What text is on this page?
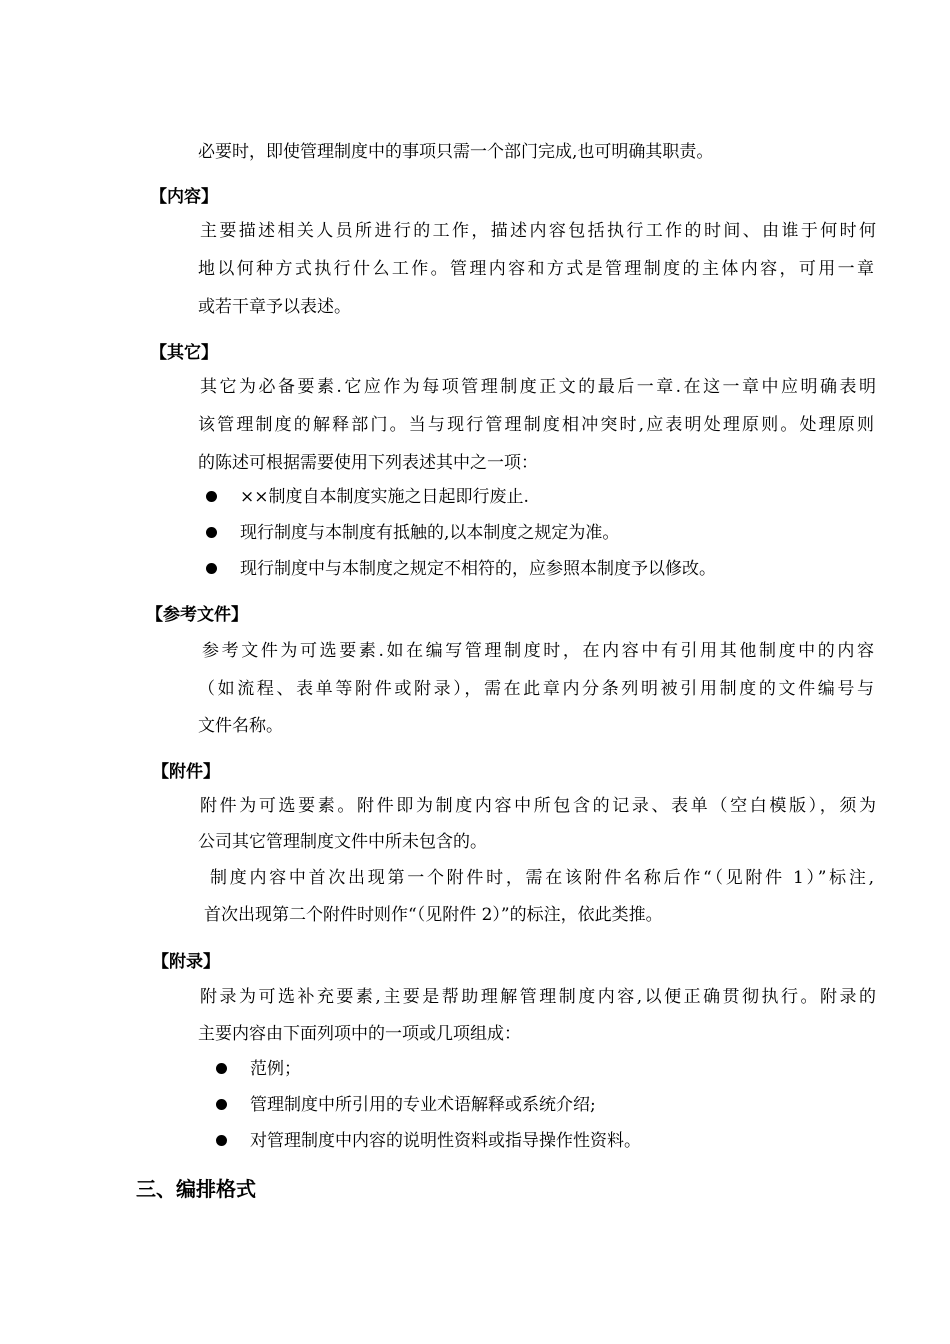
必要时，即使管理制度中的事项只需一个部门完成,也可明确其职责。
【内容】
主要描述相关人员所进行的工作，描述内容包括执行工作的时间、由谁于何时何
地以何种方式执行什么工作。管理内容和方式是管理制度的主体内容，可用一章
或若干章予以表述。
【其它】
其它为必备要素.它应作为每项管理制度正文的最后一章.在这一章中应明确表明
该管理制度的解释部门。当与现行管理制度相冲突时,应表明处理原则。处理原则
的陈述可根据需要使用下列表述其中之一项：
××制度自本制度实施之日起即行废止.
现行制度与本制度有抵触的,以本制度之规定为准。
现行制度中与本制度之规定不相符的，应参照本制度予以修改。
【参考文件】
参考文件为可选要素.如在编写管理制度时，在内容中有引用其他制度中的内容
（如流程、表单等附件或附录），需在此章内分条列明被引用制度的文件编号与
文件名称。
【附件】
附件为可选要素。附件即为制度内容中所包含的记录、表单（空白模版），须为
公司其它管理制度文件中所未包含的。
制度内容中首次出现第一个附件时，需在该附件名称后作“（见附件 1）”标注,
首次出现第二个附件时则作“（见附件 2）”的标注，依此类推。
【附录】
附录为可选补充要素,主要是帮助理解管理制度内容,以便正确贯彻执行。附录的
主要内容由下面列项中的一项或几项组成：
范例；
管理制度中所引用的专业术语解释或系统介绍;
对管理制度中内容的说明性资料或指导操作性资料。
三、编排格式
